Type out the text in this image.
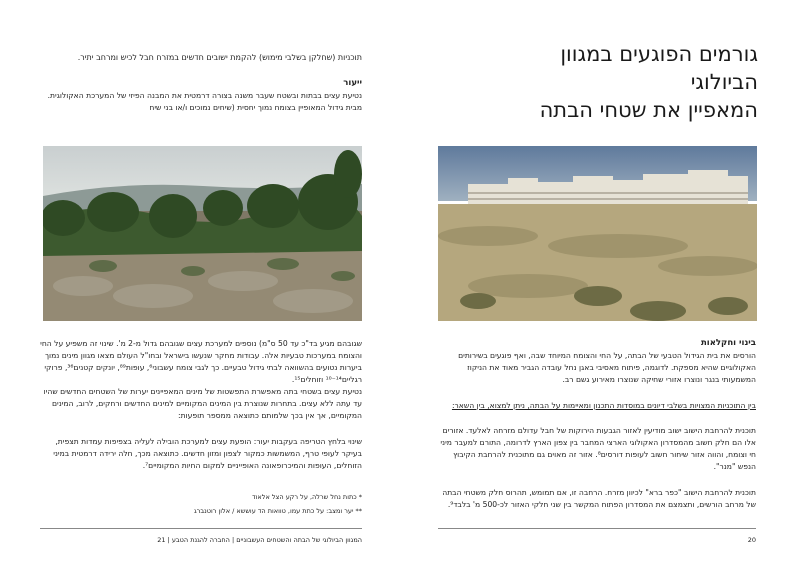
תוכניות (שחלקן בשלבי מימוש) להקמת ישובים חדשים במזרח חבל לכיש ומרחב יתיר.
ייעור
נטיעת עצים בבתות ובשטח שעבר משנה בצורה דרמטית את המבנה הפיזי של המערכת האקולוגית. מבית גידול המאופיין בצומח נמוך יחסית (שיחים נמוכים ו/או בני שיח
שגובהם מגיע בד"כ עד 50 ס"מ) נוספים למערכת עצים שגובהם גדול מ-2 מ'. שינוי זה משפיע על החי והצומח במערכות טבעיות אלה. עבודות מחקר שנעשו בישראל ובחו"ל העולם מצאו מגוון מינים נמוך ביערות נטועים בהשוואה לבתי גידול טבעיים. כך לגבי צומח עשבוני⁶, עופות⁸⁹, יונקים קטנים³⁶, פרוקי רגליים¹⁰⁻¹⁴ וזוחלים¹⁵.
נטיעת עצים בשטחי בתה מאפשרת התפשטות של מינים המאפיינים יערות של השטחים החדשים שהיו עד עתה ללא עצים. בתחרות שנוצרת בין המינים המקומיים למינים החדשים ורחקים, לרוב, המינים המקומיים, אך אין בכך שלמותם כתוצאה ממספר תופעות:
שינוי בלחץ הטריפה בעקבות יעור: הופעת עצים למערכת הובילה לעליה בצפיפות עמדות תצפית, בעיקר לעופי טרף, המשמשות כמקור לצפון ומזון חדשים. כתוצאה מכך, חלה ירידה דרמטית במיני הזוחלים, העופות והמיכרופאונה האופייניים למקום החיות המקומיים⁷.
* כתות נחל שרלה, על רקע הצל אלאוד
** יער ומצב: על כתת עמו, טוואות הד עוששא / אלון רוטנברג
המגוון הביולוגי של הבתה והשטחים העשבוניים | החברה להגנת הטבע | 21
גורמים הפוגעים במגוון הביולוגי
המאפיין את שטחי הבתה
בינוי וחקלאות
הורסים את בית הגידול הטבעי של הבתה, על החי והצומח המיוחד שבה, ואף פוגעים בשירותים האקולוגיים שהיא מספקת. לדוגמה, פיתוח מאסיבי באגן נחל עובדה הגביר מאוד את הניקוז המשמעותי בנגר ונוצרו אזורי שחיקה שנוצרו מאירוע גשם רב.
בין התוכניות המצויות בשלבי דיונים במוסדות התכנון ומאיימות על הבתה, ניתן למצוא, בין השאר:
תוכנית להרחבת הישוב ישוב מודיעין לאזור הגבעות הירוקות של חבל עדולם מזרחה לאלעד. אזורים אלו הם חלק חשוב מהמסדרון האקולוגי הארצי המחבר בין צפון הארץ לדרומה, התורם למעבר מיני חי וצומח, והווה אזור שיחור חשוב לעופות דורסים⁸. אזור זה מאוים גם מתוכנית להרחבת הקיבוץ הנפש "מנר".
תוכנית להרחבת הישוב "כפר ברא" לכיוון מזרח. הרחבה זו, אם תמומש, תהרוס חלק משטחי הבתה של מרחב הורשים, ותצמצם את המסדרון הפתוח המקשר בין שני חלקי האזור לכ-500 מ' בלבד⁹.
20
